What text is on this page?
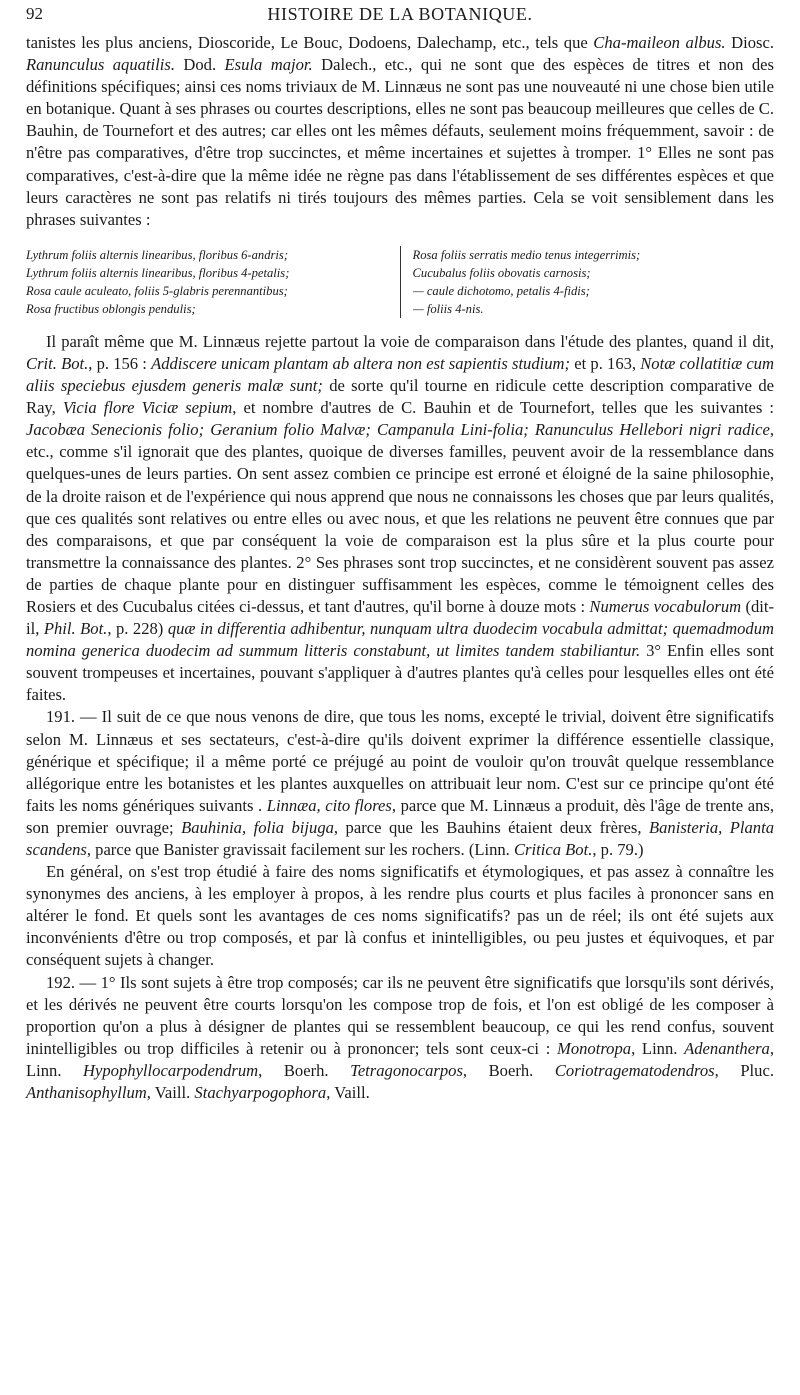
92	HISTOIRE DE LA BOTANIQUE.

tanistes les plus anciens, Dioscoride, Le Bouc, Dodoens, Dalechamp, etc., tels que Cha-maileon albus. Diosc. Ranunculus aquatilis. Dod. Esula major. Dalech., etc., qui ne sont que des espèces de titres et non des définitions spécifiques; ainsi ces noms triviaux de M. Linnæus ne sont pas une nouveauté ni une chose bien utile en botanique. Quant à ses phrases ou courtes descriptions, elles ne sont pas beaucoup meilleures que celles de C. Bauhin, de Tournefort et des autres; car elles ont les mêmes défauts, seulement moins fréquemment, savoir : de n'être pas comparatives, d'être trop succinctes, et même incertaines et sujettes à tromper. 1° Elles ne sont pas comparatives, c'est-à-dire que la même idée ne règne pas dans l'établissement de ses différentes espèces et que leurs caractères ne sont pas relatifs ni tirés toujours des mêmes parties. Cela se voit sensiblement dans les phrases suivantes :

Lythrum foliis alternis linearibus, floribus 6-andris;
Lythrum foliis alternis linearibus, floribus 4-petalis;
Rosa caule aculeato, foliis 5-glabris perennantibus;
Rosa fructibus oblongis pendulis;
Rosa foliis serratis medio tenus integerrimis;
Cucubalus foliis obovatis carnosis;
— caule dichotomo, petalis 4-fidis;
— foliis 4-nis.

Il paraît même que M. Linnæus rejette partout la voie de comparaison dans l'étude des plantes, quand il dit, Crit. Bot., p. 156 : Addiscere unicam plantam ab altera non est sapientis studium; et p. 163, Notæ collatitiæ cum aliis speciebus ejusdem generis malæ sunt; de sorte qu'il tourne en ridicule cette description comparative de Ray, Vicia flore Viciæ sepium, et nombre d'autres de C. Bauhin et de Tournefort, telles que les suivantes : Jacobæa Senecionis folio; Geranium folio Malvæ; Campanula Lini-folia; Ranunculus Hellebori nigri radice, etc., comme s'il ignorait que des plantes, quoique de diverses familles, peuvent avoir de la ressemblance dans quelques-unes de leurs parties. On sent assez combien ce principe est erroné et éloigné de la saine philosophie, de la droite raison et de l'expérience qui nous apprend que nous ne connaissons les choses que par leurs qualités, que ces qualités sont relatives ou entre elles ou avec nous, et que les relations ne peuvent être connues que par des comparaisons, et que par conséquent la voie de comparaison est la plus sûre et la plus courte pour transmettre la connaissance des plantes. 2° Ses phrases sont trop succinctes, et ne considèrent souvent pas assez de parties de chaque plante pour en distinguer suffisamment les espèces, comme le témoignent celles des Rosiers et des Cucubalus citées ci-dessus, et tant d'autres, qu'il borne à douze mots : Numerus vocabulorum (dit-il, Phil. Bot., p. 228) quæ in differentia adhibentur, nunquam ultra duodecim vocabula admittat; quemadmodum nomina generica duodecim ad summum litteris constabunt, ut limites tandem stabiliantur. 3° Enfin elles sont souvent trompeuses et incertaines, pouvant s'appliquer à d'autres plantes qu'à celles pour lesquelles elles ont été faites.

191. — Il suit de ce que nous venons de dire, que tous les noms, excepté le trivial, doivent être significatifs selon M. Linnæus et ses sectateurs, c'est-à-dire qu'ils doivent exprimer la différence essentielle classique, générique et spécifique; il a même porté ce préjugé au point de vouloir qu'on trouvât quelque ressemblance allégorique entre les botanistes et les plantes auxquelles on attribuait leur nom. C'est sur ce principe qu'ont été faits les noms génériques suivants . Linnæa, cito flores, parce que M. Linnæus a produit, dès l'âge de trente ans, son premier ouvrage; Bauhinia, folia bijuga, parce que les Bauhins étaient deux frères, Banisteria, Planta scandens, parce que Banister gravissait facilement sur les rochers. (Linn. Critica Bot., p. 79.)

En général, on s'est trop étudié à faire des noms significatifs et étymologiques, et pas assez à connaître les synonymes des anciens, à les employer à propos, à les rendre plus courts et plus faciles à prononcer sans en altérer le fond. Et quels sont les avantages de ces noms significatifs? pas un de réel; ils ont été sujets aux inconvénients d'être ou trop composés, et par là confus et inintelligibles, ou peu justes et équivoques, et par conséquent sujets à changer.

192. — 1° Ils sont sujets à être trop composés; car ils ne peuvent être significatifs que lorsqu'ils sont dérivés, et les dérivés ne peuvent être courts lorsqu'on les compose trop de fois, et l'on est obligé de les composer à proportion qu'on a plus à désigner de plantes qui se ressemblent beaucoup, ce qui les rend confus, souvent inintelligibles ou trop difficiles à retenir ou à prononcer; tels sont ceux-ci : Monotropa, Linn. Adenanthera, Linn. Hypophyllocarpodendrum, Boerh. Tetragonocarpos, Boerh. Coriotragematodendros, Pluc. Anthanisophyllum, Vaill. Stachyarpogophora, Vaill.
